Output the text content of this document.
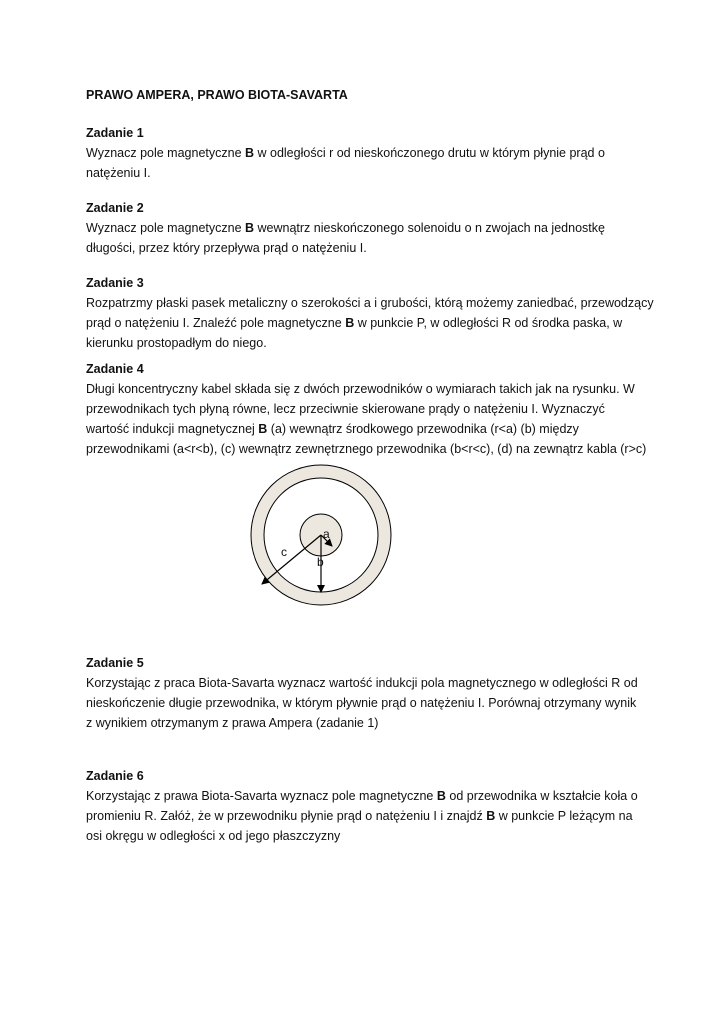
PRAWO AMPERA, PRAWO BIOTA-SAVARTA
Zadanie 1

Wyznacz pole magnetyczne B w odległości r od nieskończonego drutu w którym płynie prąd o
natężeniu I.

Zadanie 2

Wyznacz pole magnetyczne B wewnątrz nieskończonego solenoidu o n zwojach na jednostkę
długości, przez który przepływa prąd o natężeniu I.

Zadanie 3

Rozpatrzmy płaski pasek metaliczny o szerokości a i grubości, którą możemy zaniedbać, przewodzący
prąd o natężeniu I. Znaleźć pole magnetyczne B w punkcie P, w odległości R od środka paska, w
kierunku prostopadłym do niego.

Zadanie 4

Długi koncentryczny kabel składa się z dwóch przewodników o wymiarach takich jak na rysunku. W
przewodnikach tych płyną równe, lecz przeciwnie skierowane prądy o natężeniu I. Wyznaczyć
wartość indukcji magnetycznej B (a) wewnątrz środkowego przewodnika (r<a) (b) między
przewodnikami (a<r<b), (c) wewnątrz zewnętrznego przewodnika (b<r<c), (d) na zewnątrz kabla (r>c)

a
b
c
Zadanie 5

Korzystając z praca Biota-Savarta wyznacz wartość indukcji pola magnetycznego w odległości R od
nieskończenie długie przewodnika, w którym pływnie prąd o natężeniu I. Porównaj otrzymany wynik
z wynikiem otrzymanym z prawa Ampera (zadanie 1)

Zadanie 6

Korzystając z prawa Biota-Savarta wyznacz pole magnetyczne B od przewodnika w kształcie koła o
promieniu R. Załóż, że w przewodniku płynie prąd o natężeniu I i znajdź B w punkcie P leżącym na
osi okręgu w odległości x od jego płaszczyzny
